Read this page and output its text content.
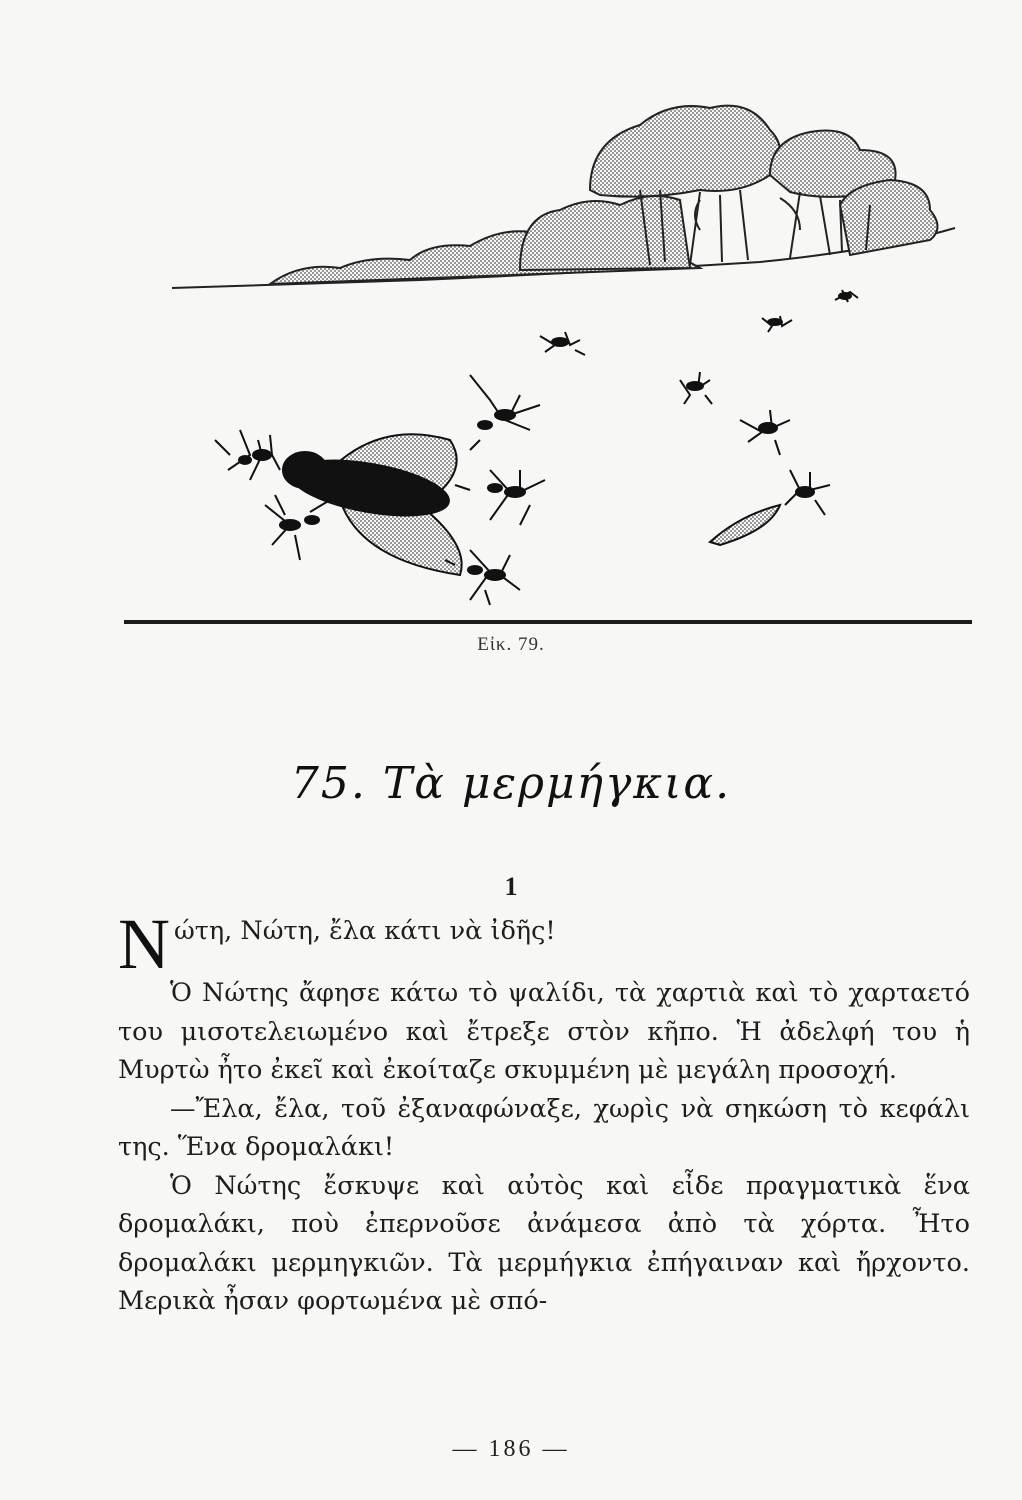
Εἰκ. 79.
75. Τὰ μερμήγκια.
1

Νώτη, Νώτη, ἔλα κάτι νὰ ἰδῆς!

Ὁ Νώτης ἄφησε κάτω τὸ ψαλίδι, τὰ χαρτιὰ καὶ τὸ χαρταετό του μισοτελειωμένο καὶ ἔτρεξε στὸν κῆπο. Ἡ ἀδελφή του ἡ Μυρτὼ ἦτο ἐκεῖ καὶ ἐκοίταζε σκυμμένη μὲ μεγάλη προσοχή.

—Ἔλα, ἔλα, τοῦ ἐξαναφώναξε, χωρὶς νὰ σηκώση τὸ κεφάλι της. Ἕνα δρομαλάκι!

Ὁ Νώτης ἔσκυψε καὶ αὐτὸς καὶ εἶδε πραγματικὰ ἕνα δρομαλάκι, ποὺ ἐπερνοῦσε ἀνάμεσα ἀπὸ τὰ χόρτα. Ἦτο δρομαλάκι μερμηγκιῶν. Τὰ μερμήγκια ἐπήγαιναν καὶ ἤρχοντο. Μερικὰ ἦσαν φορτωμένα μὲ σπό-

— 186 —
